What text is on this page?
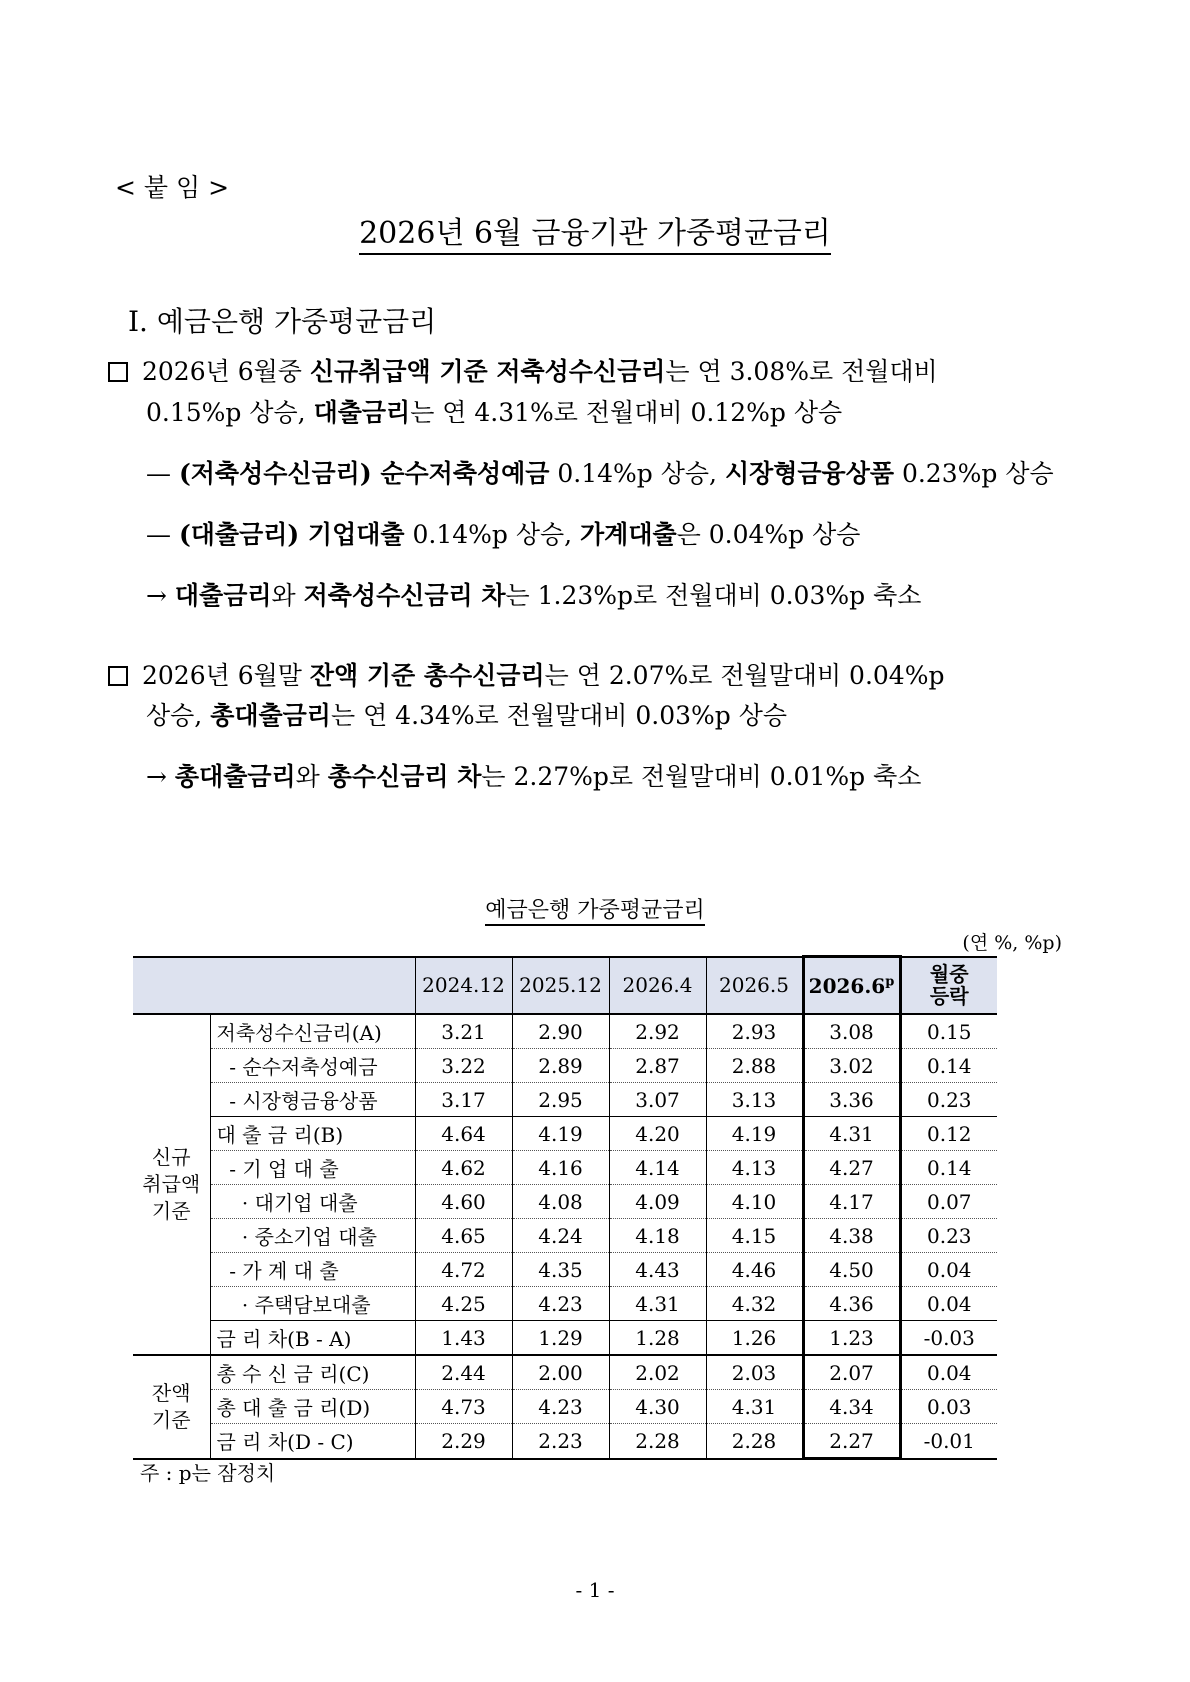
< 붙 임 >
2026년 6월 금융기관 가중평균금리
Ⅰ. 예금은행 가중평균금리
2026년 6월중 신규취급액 기준 저축성수신금리는 연 3.08%로 전월대비
0.15%p 상승, 대출금리는 연 4.31%로 전월대비 0.12%p 상승
— (저축성수신금리) 순수저축성예금 0.14%p 상승, 시장형금융상품 0.23%p 상승
— (대출금리) 기업대출 0.14%p 상승, 가계대출은 0.04%p 상승
→ 대출금리와 저축성수신금리 차는 1.23%p로 전월대비 0.03%p 축소
2026년 6월말 잔액 기준 총수신금리는 연 2.07%로 전월말대비 0.04%p
상승, 총대출금리는 연 4.34%로 전월말대비 0.03%p 상승
→ 총대출금리와 총수신금리 차는 2.27%p로 전월말대비 0.01%p 축소
예금은행 가중평균금리
(연 %, %p)
		2024.12	2025.12	2026.4	2026.5	2026.6$^p$	월중 등락
신규 취급액 기준	저축성수신금리(A)	3.21	2.90	2.92	2.93	3.08	0.15
	- 순수저축성예금	3.22	2.89	2.87	2.88	3.02	0.14
	- 시장형금융상품	3.17	2.95	3.07	3.13	3.36	0.23
	대 출 금 리(B)	4.64	4.19	4.20	4.19	4.31	0.12
	- 기 업 대 출	4.62	4.16	4.14	4.13	4.27	0.14
	· 대기업 대출	4.60	4.08	4.09	4.10	4.17	0.07
	· 중소기업 대출	4.65	4.24	4.18	4.15	4.38	0.23
	- 가 계 대 출	4.72	4.35	4.43	4.46	4.50	0.04
	· 주택담보대출	4.25	4.23	4.31	4.32	4.36	0.04
	금 리 차(B - A)	1.43	1.29	1.28	1.26	1.23	-0.03
잔액 기준	총 수 신 금 리(C)	2.44	2.00	2.02	2.03	2.07	0.04
	총 대 출 금 리(D)	4.73	4.23	4.30	4.31	4.34	0.03
	금 리 차(D - C)	2.29	2.23	2.28	2.28	2.27	-0.01
주 : p는 잠정치
- 1 -
